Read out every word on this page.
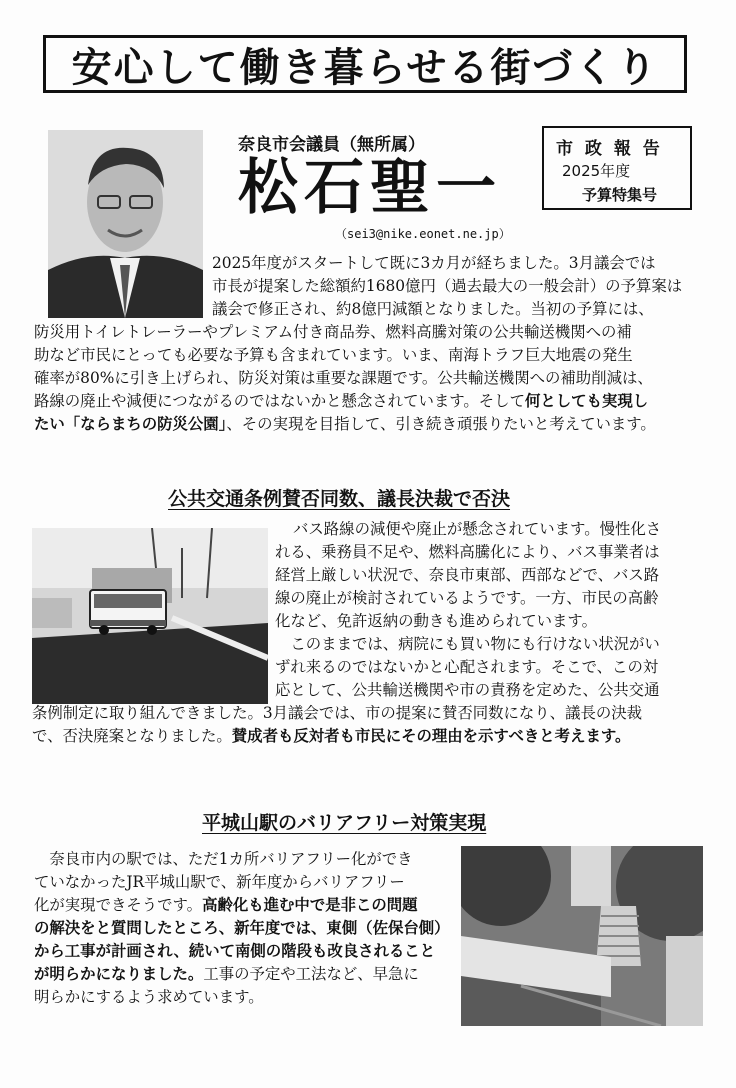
安心して働き暮らせる街づくり
奈良市会議員（無所属）
松石聖一
（sei3@nike.eonet.ne.jp）
市 政 報 告
2025年度
予算特集号
2025年度がスタートして既に3カ月が経ちました。3月議会では
市長が提案した総額約1680億円（過去最大の一般会計）の予算案は
議会で修正され、約8億円減額となりました。当初の予算には、
防災用トイレトレーラーやプレミアム付き商品券、燃料高騰対策の公共輸送機関への補
助など市民にとっても必要な予算も含まれています。いま、南海トラフ巨大地震の発生
確率が80%に引き上げられ、防災対策は重要な課題です。公共輸送機関への補助削減は、
路線の廃止や減便につながるのではないかと懸念されています。そして何としても実現し
たい「ならまちの防災公園」、その実現を目指して、引き続き頑張りたいと考えています。
公共交通条例賛否同数、議長決裁で否決
バス路線の減便や廃止が懸念されています。慢性化さ
れる、乗務員不足や、燃料高騰化により、バス事業者は
経営上厳しい状況で、奈良市東部、西部などで、バス路
線の廃止が検討されているようです。一方、市民の高齢
化など、免許返納の動きも進められています。
　このままでは、病院にも買い物にも行けない状況がい
ずれ来るのではないかと心配されます。そこで、この対
応として、公共輸送機関や市の責務を定めた、公共交通
条例制定に取り組んできました。3月議会では、市の提案に賛否同数になり、議長の決裁
で、否決廃案となりました。賛成者も反対者も市民にその理由を示すべきと考えます。
平城山駅のバリアフリー対策実現
　奈良市内の駅では、ただ1カ所バリアフリー化ができ
ていなかったJR平城山駅で、新年度からバリアフリー
化が実現できそうです。高齢化も進む中で是非この問題
の解決をと質問したところ、新年度では、東側（佐保台側）
から工事が計画され、続いて南側の階段も改良されること
が明らかになりました。工事の予定や工法など、早急に
明らかにするよう求めています。
